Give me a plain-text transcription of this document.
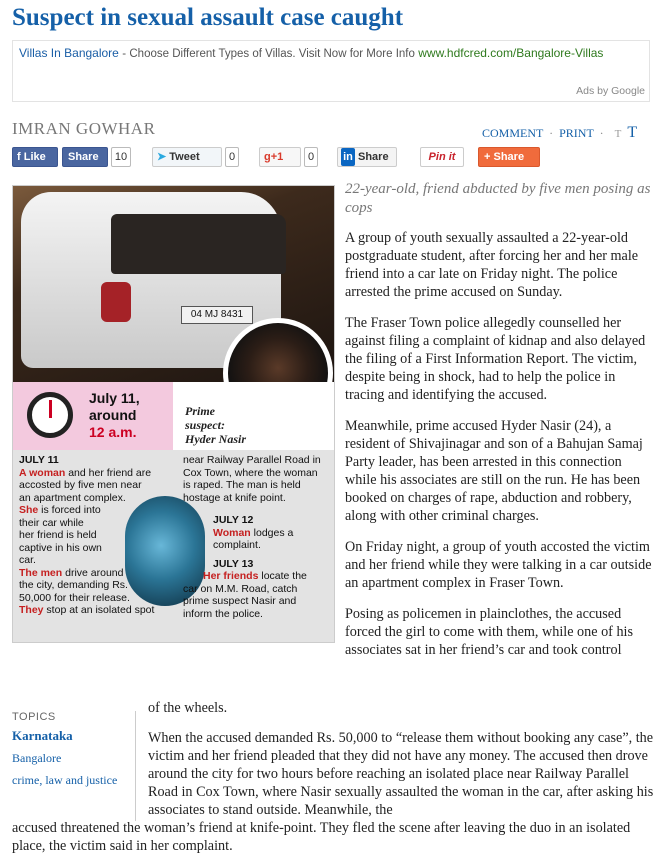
Suspect in sexual assault case caught
Villas In Bangalore - Choose Different Types of Villas. Visit Now for More Info www.hdfcred.com/Bangalore-Villas
Ads by Google
IMRAN GOWHAR	COMMENT · PRINT · T T
f Like	Share	10	➤ Tweet	0	g+1	0	in Share	Pin it	+ Share
04 MJ 8431
July 11,
around
12 a.m.
Prime
suspect:
Hyder Nasir
JULY 11
A woman and her friend are
accosted by five men near
an apartment complex.
She is forced into
their car while
her friend is held
captive in his own
car.
The men drive around
the city, demanding Rs.
50,000 for their release.
They stop at an isolated spot
near Railway Parallel Road in
Cox Town, where the woman
is raped. The man is held
hostage at knife point.
JULY 12
Woman lodges a
complaint.
JULY 13
Her friends locate the
car on M.M. Road, catch
prime suspect Nasir and
inform the police.

22-year-old, friend abducted by five men posing as cops

A group of youth sexually assaulted a 22-year-old postgraduate student, after forcing her and her male friend into a car late on Friday night. The police arrested the prime accused on Sunday.

The Fraser Town police allegedly counselled her against filing a complaint of kidnap and also delayed the filing of a First Information Report. The victim, despite being in shock, had to help the police in tracing and identifying the accused.

Meanwhile, prime accused Hyder Nasir (24), a resident of Shivajinagar and son of a Bahujan Samaj Party leader, has been arrested in this connection while his associates are still on the run. He has been booked on charges of rape, abduction and robbery, along with other criminal charges.

On Friday night, a group of youth accosted the victim and her friend while they were talking in a car outside an apartment complex in Fraser Town.

Posing as policemen in plainclothes, the accused forced the girl to come with them, while one of his associates sat in her friend’s car and took control

of the wheels.

TOPICS
Karnataka
Bangalore
crime, law and justice

When the accused demanded Rs. 50,000 to “release them without booking any case”, the victim and her friend pleaded that they did not have any money. The accused then drove around the city for two hours before reaching an isolated place near Railway Parallel Road in Cox Town, where Nasir sexually assaulted the woman in the car, after asking his associates to stand outside. Meanwhile, the

accused threatened the woman’s friend at knife-point. They fled the scene after leaving the duo in an isolated place, the victim said in her complaint.
